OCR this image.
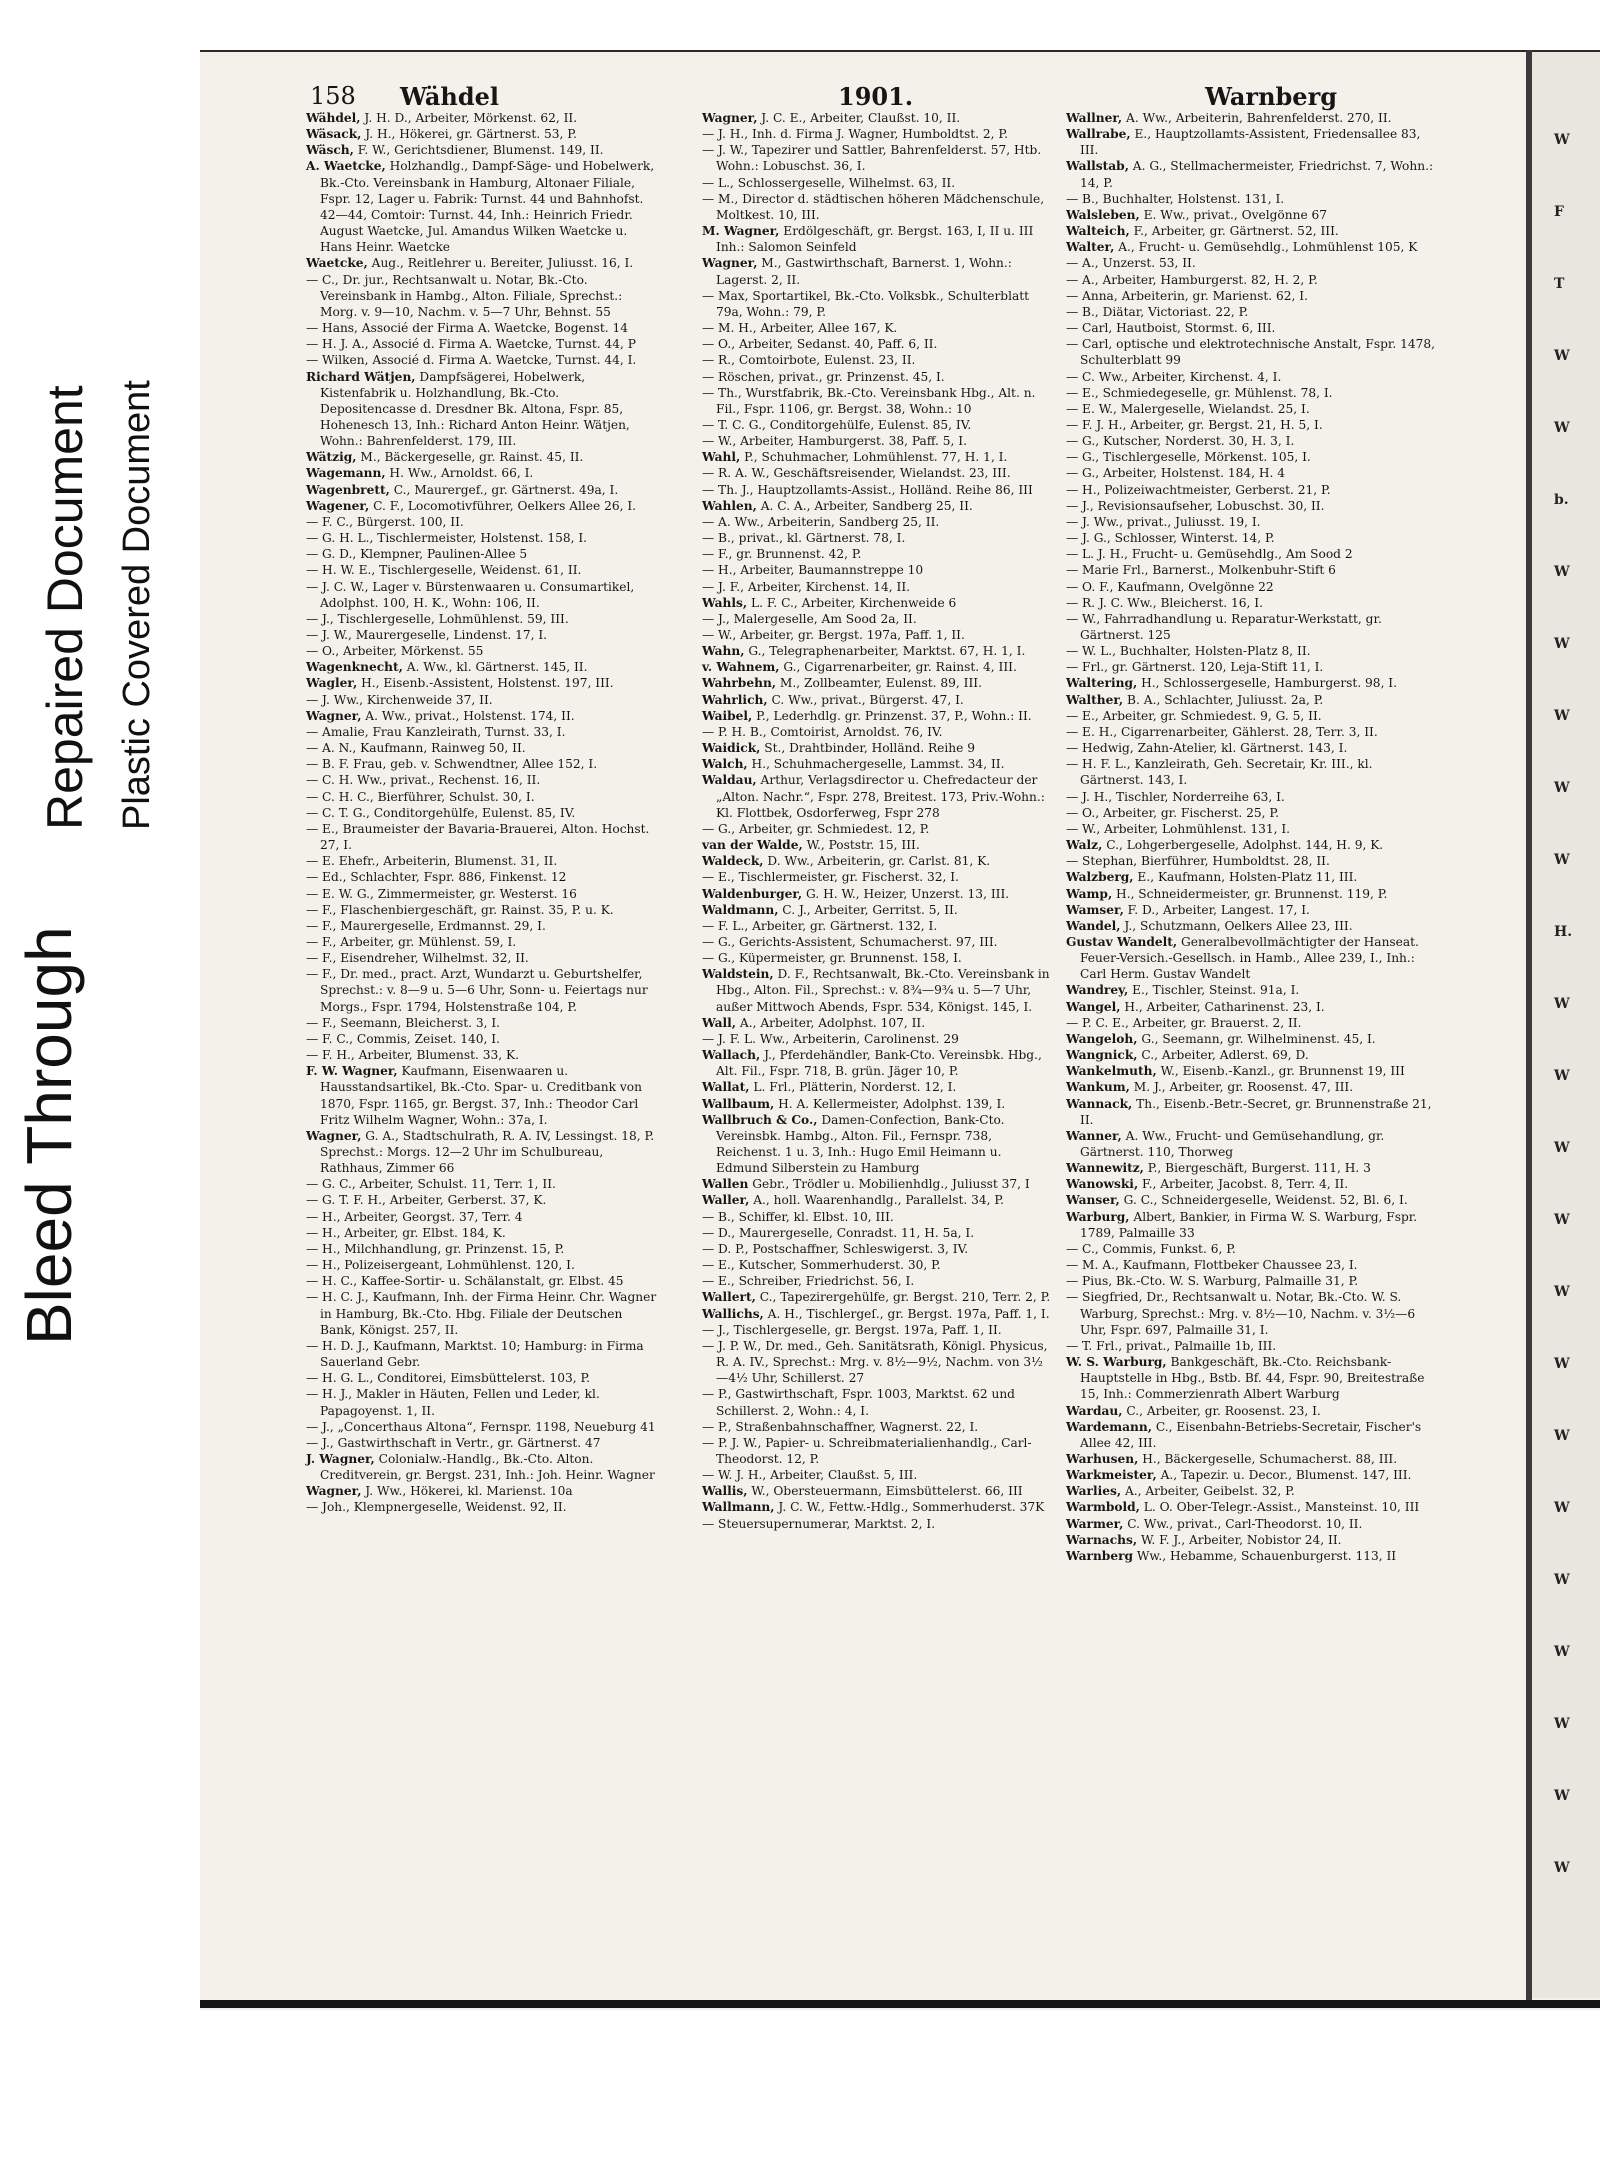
Bleed Through
Repaired Document Plastic Covered Document
W
F
T
W
W
b.
W
W
W
W
W
H.
W
W
W
W
W
W
W
W
W
W
W
W
W
158 Wähdel	1901.	Warnberg

Wähdel, J. H. D., Arbeiter, Mörkenst. 62, II.

Wäsack, J. H., Hökerei, gr. Gärtnerst. 53, P.

Wäsch, F. W., Gerichtsdiener, Blumenst. 149, II.

A. Waetcke, Holzhandlg., Dampf-Säge- und Hobelwerk, Bk.-Cto. Vereinsbank in Hamburg, Altonaer Filiale, Fspr. 12, Lager u. Fabrik: Turnst. 44 und Bahnhofst. 42—44, Comtoir: Turnst. 44, Inh.: Heinrich Friedr. August Waetcke, Jul. Amandus Wilken Waetcke u. Hans Heinr. Waetcke

Waetcke, Aug., Reitlehrer u. Bereiter, Juliusst. 16, I.

— C., Dr. jur., Rechtsanwalt u. Notar, Bk.-Cto. Vereinsbank in Hambg., Alton. Filiale, Sprechst.: Morg. v. 9—10, Nachm. v. 5—7 Uhr, Behnst. 55

— Hans, Associé der Firma A. Waetcke, Bogenst. 14

— H. J. A., Associé d. Firma A. Waetcke, Turnst. 44, P

— Wilken, Associé d. Firma A. Waetcke, Turnst. 44, I.

Richard Wätjen, Dampfsägerei, Hobelwerk, Kistenfabrik u. Holzhandlung, Bk.-Cto. Depositencasse d. Dresdner Bk. Altona, Fspr. 85, Hohenesch 13, Inh.: Richard Anton Heinr. Wätjen, Wohn.: Bahrenfelderst. 179, III.

Wätzig, M., Bäckergeselle, gr. Rainst. 45, II.

Wagemann, H. Ww., Arnoldst. 66, I.

Wagenbrett, C., Maurergef., gr. Gärtnerst. 49a, I.

Wagener, C. F., Locomotivführer, Oelkers Allee 26, I.

— F. C., Bürgerst. 100, II.

— G. H. L., Tischlermeister, Holstenst. 158, I.

— G. D., Klempner, Paulinen-Allee 5

— H. W. E., Tischlergeselle, Weidenst. 61, II.

— J. C. W., Lager v. Bürstenwaaren u. Consumartikel, Adolphst. 100, H. K., Wohn: 106, II.

— J., Tischlergeselle, Lohmühlenst. 59, III.

— J. W., Maurergeselle, Lindenst. 17, I.

— O., Arbeiter, Mörkenst. 55

Wagenknecht, A. Ww., kl. Gärtnerst. 145, II.

Wagler, H., Eisenb.-Assistent, Holstenst. 197, III.

— J. Ww., Kirchenweide 37, II.

Wagner, A. Ww., privat., Holstenst. 174, II.

— Amalie, Frau Kanzleirath, Turnst. 33, I.

— A. N., Kaufmann, Rainweg 50, II.

— B. F. Frau, geb. v. Schwendtner, Allee 152, I.

— C. H. Ww., privat., Rechenst. 16, II.

— C. H. C., Bierführer, Schulst. 30, I.

— C. T. G., Conditorgehülfe, Eulenst. 85, IV.

— E., Braumeister der Bavaria-Brauerei, Alton. Hochst. 27, I.

— E. Ehefr., Arbeiterin, Blumenst. 31, II.

— Ed., Schlachter, Fspr. 886, Finkenst. 12

— E. W. G., Zimmermeister, gr. Westerst. 16

— F., Flaschenbiergeschäft, gr. Rainst. 35, P. u. K.

— F., Maurergeselle, Erdmannst. 29, I.

— F., Arbeiter, gr. Mühlenst. 59, I.

— F., Eisendreher, Wilhelmst. 32, II.

— F., Dr. med., pract. Arzt, Wundarzt u. Geburtshelfer, Sprechst.: v. 8—9 u. 5—6 Uhr, Sonn- u. Feiertags nur Morgs., Fspr. 1794, Holstenstraße 104, P.

— F., Seemann, Bleicherst. 3, I.

— F. C., Commis, Zeiset. 140, I.

— F. H., Arbeiter, Blumenst. 33, K.

F. W. Wagner, Kaufmann, Eisenwaaren u. Hausstandsartikel, Bk.-Cto. Spar- u. Creditbank von 1870, Fspr. 1165, gr. Bergst. 37, Inh.: Theodor Carl Fritz Wilhelm Wagner, Wohn.: 37a, I.

Wagner, G. A., Stadtschulrath, R. A. IV, Lessingst. 18, P. Sprechst.: Morgs. 12—2 Uhr im Schulbureau, Rathhaus, Zimmer 66

— G. C., Arbeiter, Schulst. 11, Terr. 1, II.

— G. T. F. H., Arbeiter, Gerberst. 37, K.

— H., Arbeiter, Georgst. 37, Terr. 4

— H., Arbeiter, gr. Elbst. 184, K.

— H., Milchhandlung, gr. Prinzenst. 15, P.

— H., Polizeisergeant, Lohmühlenst. 120, I.

— H. C., Kaffee-Sortir- u. Schälanstalt, gr. Elbst. 45

— H. C. J., Kaufmann, Inh. der Firma Heinr. Chr. Wagner in Hamburg, Bk.-Cto. Hbg. Filiale der Deutschen Bank, Königst. 257, II.

— H. D. J., Kaufmann, Marktst. 10; Hamburg: in Firma Sauerland Gebr.

— H. G. L., Conditorei, Eimsbüttelerst. 103, P.

— H. J., Makler in Häuten, Fellen und Leder, kl. Papagoyenst. 1, II.

— J., „Concerthaus Altona“, Fernspr. 1198, Neueburg 41

— J., Gastwirthschaft in Vertr., gr. Gärtnerst. 47

J. Wagner, Colonialw.-Handlg., Bk.-Cto. Alton. Creditverein, gr. Bergst. 231, Inh.: Joh. Heinr. Wagner

Wagner, J. Ww., Hökerei, kl. Marienst. 10a

— Joh., Klempnergeselle, Weidenst. 92, II.

Wagner, J. C. E., Arbeiter, Claußst. 10, II.

— J. H., Inh. d. Firma J. Wagner, Humboldtst. 2, P.

— J. W., Tapezirer und Sattler, Bahrenfelderst. 57, Htb. Wohn.: Lobuschst. 36, I.

— L., Schlossergeselle, Wilhelmst. 63, II.

— M., Director d. städtischen höheren Mädchenschule, Moltkest. 10, III.

M. Wagner, Erdölgeschäft, gr. Bergst. 163, I, II u. III Inh.: Salomon Seinfeld

Wagner, M., Gastwirthschaft, Barnerst. 1, Wohn.: Lagerst. 2, II.

— Max, Sportartikel, Bk.-Cto. Volksbk., Schulterblatt 79a, Wohn.: 79, P.

— M. H., Arbeiter, Allee 167, K.

— O., Arbeiter, Sedanst. 40, Paff. 6, II.

— R., Comtoirbote, Eulenst. 23, II.

— Röschen, privat., gr. Prinzenst. 45, I.

— Th., Wurstfabrik, Bk.-Cto. Vereinsbank Hbg., Alt. n. Fil., Fspr. 1106, gr. Bergst. 38, Wohn.: 10

— T. C. G., Conditorgehülfe, Eulenst. 85, IV.

— W., Arbeiter, Hamburgerst. 38, Paff. 5, I.

Wahl, P., Schuhmacher, Lohmühlenst. 77, H. 1, I.

— R. A. W., Geschäftsreisender, Wielandst. 23, III.

— Th. J., Hauptzollamts-Assist., Holländ. Reihe 86, III

Wahlen, A. C. A., Arbeiter, Sandberg 25, II.

— A. Ww., Arbeiterin, Sandberg 25, II.

— B., privat., kl. Gärtnerst. 78, I.

— F., gr. Brunnenst. 42, P.

— H., Arbeiter, Baumannstreppe 10

— J. F., Arbeiter, Kirchenst. 14, II.

Wahls, L. F. C., Arbeiter, Kirchenweide 6

— J., Malergeselle, Am Sood 2a, II.

— W., Arbeiter, gr. Bergst. 197a, Paff. 1, II.

Wahn, G., Telegraphenarbeiter, Marktst. 67, H. 1, I.

v. Wahnem, G., Cigarrenarbeiter, gr. Rainst. 4, III.

Wahrbehn, M., Zollbeamter, Eulenst. 89, III.

Wahrlich, C. Ww., privat., Bürgerst. 47, I.

Waibel, P., Lederhdlg. gr. Prinzenst. 37, P., Wohn.: II.

— P. H. B., Comtoirist, Arnoldst. 76, IV.

Waidick, St., Drahtbinder, Holländ. Reihe 9

Walch, H., Schuhmachergeselle, Lammst. 34, II.

Waldau, Arthur, Verlagsdirector u. Chefredacteur der „Alton. Nachr.“, Fspr. 278, Breitest. 173, Priv.-Wohn.: Kl. Flottbek, Osdorferweg, Fspr 278

— G., Arbeiter, gr. Schmiedest. 12, P.

van der Walde, W., Poststr. 15, III.

Waldeck, D. Ww., Arbeiterin, gr. Carlst. 81, K.

— E., Tischlermeister, gr. Fischerst. 32, I.

Waldenburger, G. H. W., Heizer, Unzerst. 13, III.

Waldmann, C. J., Arbeiter, Gerritst. 5, II.

— F. L., Arbeiter, gr. Gärtnerst. 132, I.

— G., Gerichts-Assistent, Schumacherst. 97, III.

— G., Küpermeister, gr. Brunnenst. 158, I.

Waldstein, D. F., Rechtsanwalt, Bk.-Cto. Vereinsbank in Hbg., Alton. Fil., Sprechst.: v. 8¾—9¾ u. 5—7 Uhr, außer Mittwoch Abends, Fspr. 534, Königst. 145, I.

Wall, A., Arbeiter, Adolphst. 107, II.

— J. F. L. Ww., Arbeiterin, Carolinenst. 29

Wallach, J., Pferdehändler, Bank-Cto. Vereinsbk. Hbg., Alt. Fil., Fspr. 718, B. grün. Jäger 10, P.

Wallat, L. Frl., Plätterin, Norderst. 12, I.

Wallbaum, H. A. Kellermeister, Adolphst. 139, I.

Wallbruch & Co., Damen-Confection, Bank-Cto. Vereinsbk. Hambg., Alton. Fil., Fernspr. 738, Reichenst. 1 u. 3, Inh.: Hugo Emil Heimann u. Edmund Silberstein zu Hamburg

Wallen Gebr., Trödler u. Mobilienhdlg., Juliusst 37, I

Waller, A., holl. Waarenhandlg., Parallelst. 34, P.

— B., Schiffer, kl. Elbst. 10, III.

— D., Maurergeselle, Conradst. 11, H. 5a, I.

— D. P., Postschaffner, Schleswigerst. 3, IV.

— E., Kutscher, Sommerhuderst. 30, P.

— E., Schreiber, Friedrichst. 56, I.

Wallert, C., Tapezirergehülfe, gr. Bergst. 210, Terr. 2, P.

Wallichs, A. H., Tischlergeſ., gr. Bergst. 197a, Paff. 1, I.

— J., Tischlergeselle, gr. Bergst. 197a, Paff. 1, II.

— J. P. W., Dr. med., Geh. Sanitätsrath, Königl. Physicus, R. A. IV., Sprechst.: Mrg. v. 8½—9½, Nachm. von 3½—4½ Uhr, Schillerst. 27

— P., Gastwirthschaft, Fspr. 1003, Marktst. 62 und Schillerst. 2, Wohn.: 4, I.

— P., Straßenbahnschaffner, Wagnerst. 22, I.

— P. J. W., Papier- u. Schreibmaterialienhandlg., Carl-Theodorst. 12, P.

— W. J. H., Arbeiter, Claußst. 5, III.

Wallis, W., Obersteuermann, Eimsbüttelerst. 66, III

Wallmann, J. C. W., Fettw.-Hdlg., Sommerhuderst. 37K

— Steuersupernumerar, Marktst. 2, I.

Wallner, A. Ww., Arbeiterin, Bahrenfelderst. 270, II.

Wallrabe, E., Hauptzollamts-Assistent, Friedensallee 83, III.

Wallstab, A. G., Stellmachermeister, Friedrichst. 7, Wohn.: 14, P.

— B., Buchhalter, Holstenst. 131, I.

Walsleben, E. Ww., privat., Ovelgönne 67

Walteich, F., Arbeiter, gr. Gärtnerst. 52, III.

Walter, A., Frucht- u. Gemüsehdlg., Lohmühlenst 105, K

— A., Unzerst. 53, II.

— A., Arbeiter, Hamburgerst. 82, H. 2, P.

— Anna, Arbeiterin, gr. Marienst. 62, I.

— B., Diätar, Victoriast. 22, P.

— Carl, Hautboist, Stormst. 6, III.

— Carl, optische und elektrotechnische Anstalt, Fspr. 1478, Schulterblatt 99

— C. Ww., Arbeiter, Kirchenst. 4, I.

— E., Schmiedegeselle, gr. Mühlenst. 78, I.

— E. W., Malergeselle, Wielandst. 25, I.

— F. J. H., Arbeiter, gr. Bergst. 21, H. 5, I.

— G., Kutscher, Norderst. 30, H. 3, I.

— G., Tischlergeselle, Mörkenst. 105, I.

— G., Arbeiter, Holstenst. 184, H. 4

— H., Polizeiwachtmeister, Gerberst. 21, P.

— J., Revisionsaufseher, Lobuschst. 30, II.

— J. Ww., privat., Juliusst. 19, I.

— J. G., Schlosser, Winterst. 14, P.

— L. J. H., Frucht- u. Gemüsehdlg., Am Sood 2

— Marie Frl., Barnerst., Molkenbuhr-Stift 6

— O. F., Kaufmann, Ovelgönne 22

— R. J. C. Ww., Bleicherst. 16, I.

— W., Fahrradhandlung u. Reparatur-Werkstatt, gr. Gärtnerst. 125

— W. L., Buchhalter, Holsten-Platz 8, II.

— Frl., gr. Gärtnerst. 120, Leja-Stift 11, I.

Waltering, H., Schlossergeselle, Hamburgerst. 98, I.

Walther, B. A., Schlachter, Juliusst. 2a, P.

— E., Arbeiter, gr. Schmiedest. 9, G. 5, II.

— E. H., Cigarrenarbeiter, Gählerst. 28, Terr. 3, II.

— Hedwig, Zahn-Atelier, kl. Gärtnerst. 143, I.

— H. F. L., Kanzleirath, Geh. Secretair, Kr. III., kl. Gärtnerst. 143, I.

— J. H., Tischler, Norderreihe 63, I.

— O., Arbeiter, gr. Fischerst. 25, P.

— W., Arbeiter, Lohmühlenst. 131, I.

Walz, C., Lohgerbergeselle, Adolphst. 144, H. 9, K.

— Stephan, Bierführer, Humboldtst. 28, II.

Walzberg, E., Kaufmann, Holsten-Platz 11, III.

Wamp, H., Schneidermeister, gr. Brunnenst. 119, P.

Wamser, F. D., Arbeiter, Langest. 17, I.

Wandel, J., Schutzmann, Oelkers Allee 23, III.

Gustav Wandelt, Generalbevollmächtigter der Hanseat. Feuer-Versich.-Gesellsch. in Hamb., Allee 239, I., Inh.: Carl Herm. Gustav Wandelt

Wandrey, E., Tischler, Steinst. 91a, I.

Wangel, H., Arbeiter, Catharinenst. 23, I.

— P. C. E., Arbeiter, gr. Brauerst. 2, II.

Wangeloh, G., Seemann, gr. Wilhelminenst. 45, I.

Wangnick, C., Arbeiter, Adlerst. 69, D.

Wankelmuth, W., Eisenb.-Kanzl., gr. Brunnenst 19, III

Wankum, M. J., Arbeiter, gr. Roosenst. 47, III.

Wannack, Th., Eisenb.-Betr.-Secret, gr. Brunnenstraße 21, II.

Wanner, A. Ww., Frucht- und Gemüsehandlung, gr. Gärtnerst. 110, Thorweg

Wannewitz, P., Biergeschäft, Burgerst. 111, H. 3

Wanowski, F., Arbeiter, Jacobst. 8, Terr. 4, II.

Wanser, G. C., Schneidergeselle, Weidenst. 52, Bl. 6, I.

Warburg, Albert, Bankier, in Firma W. S. Warburg, Fspr. 1789, Palmaille 33

— C., Commis, Funkst. 6, P.

— M. A., Kaufmann, Flottbeker Chaussee 23, I.

— Pius, Bk.-Cto. W. S. Warburg, Palmaille 31, P.

— Siegfried, Dr., Rechtsanwalt u. Notar, Bk.-Cto. W. S. Warburg, Sprechst.: Mrg. v. 8½—10, Nachm. v. 3½—6 Uhr, Fspr. 697, Palmaille 31, I.

— T. Frl., privat., Palmaille 1b, III.

W. S. Warburg, Bankgeschäft, Bk.-Cto. Reichsbank-Hauptstelle in Hbg., Bstb. Bf. 44, Fspr. 90, Breitestraße 15, Inh.: Commerzienrath Albert Warburg

Wardau, C., Arbeiter, gr. Roosenst. 23, I.

Wardemann, C., Eisenbahn-Betriebs-Secretair, Fischer's Allee 42, III.

Warhusen, H., Bäckergeselle, Schumacherst. 88, III.

Warkmeister, A., Tapezir. u. Decor., Blumenst. 147, III.

Warlies, A., Arbeiter, Geibelst. 32, P.

Warmbold, L. O. Ober-Telegr.-Assist., Mansteinst. 10, III

Warmer, C. Ww., privat., Carl-Theodorst. 10, II.

Warnachs, W. F. J., Arbeiter, Nobistor 24, II.

Warnberg Ww., Hebamme, Schauenburgerst. 113, II
